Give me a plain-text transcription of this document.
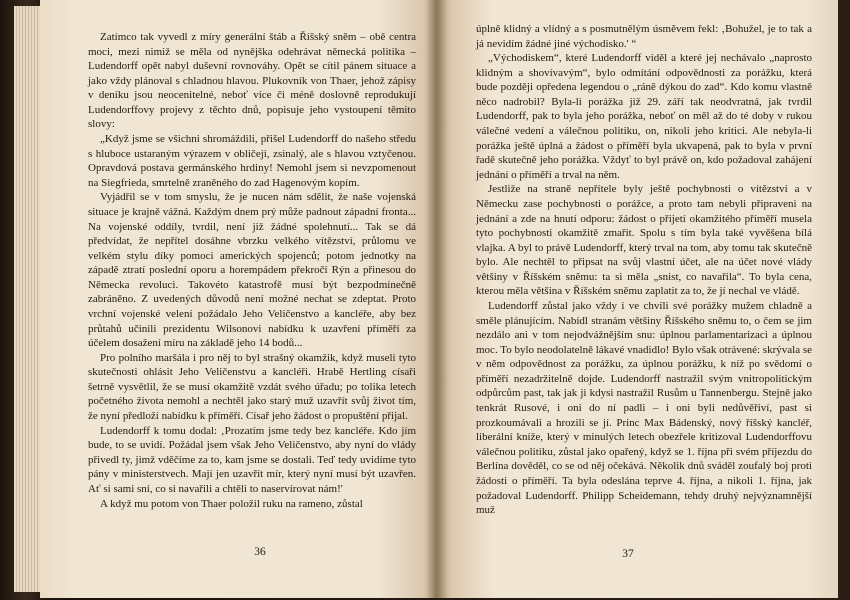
Zatímco tak vyvedl z míry generální štáb a Říšský sněm – obě centra moci, mezi nimiž se měla od nynějška odehrávat německá politika – Ludendorff opět nabyl duševní rovnováhy. Opět se cítil pánem situace a jako vždy plánoval s chladnou hlavou. Plukovník von Thaer, jehož zápisy v deníku jsou neocenitelné, neboť více či méně doslovně reprodukují Ludendorffovy projevy z těchto dnů, popisuje jeho vystoupení těmito slovy:

„Když jsme se všichni shromáždili, přišel Ludendorff do našeho středu s hluboce ustaraným výrazem v obličeji, zsinalý, ale s hlavou vztyčenou. Opravdová postava germánského hrdiny! Nemohl jsem si nevzpomenout na Siegfrieda, smrtelně zraněného do zad Hagenovým kopím.

Vyjádřil se v tom smyslu, že je nucen nám sdělit, že naše vojenská situace je krajně vážná. Každým dnem prý může padnout západní fronta... Na vojenské oddíly, tvrdil, není již žádné spolehnutí... Tak se dá předvídat, že nepřítel dosáhne vbrzku velkého vítězství, průlomu ve velkém stylu díky pomoci amerických spojenců; potom jednotky na západě ztratí poslední oporu a horempádem překročí Rýn a přinesou do Německa revoluci. Takovéto katastrofě musí být bezpodmínečně zabráněno. Z uvedených důvodů není možné nechat se zdeptat. Proto vrchní vojenské velení požádalo Jeho Veličenstvo a kancléře, aby bez průtahů učinili prezidentu Wilsonovi nabídku k uzavření příměří za účelem dosažení míru na základě jeho 14 bodů...

Pro polního maršála i pro něj to byl strašný okamžik, když museli tyto skutečnosti ohlásit Jeho Veličenstvu a kancléři. Hrabě Hertling císaři šetrně vysvětlil, že se musí okamžitě vzdát svého úřadu; po tolika letech početného života nemohl a nechtěl jako starý muž uzavřít svůj život tím, že nyní předloží nabídku k příměří. Císař jeho žádost o propuštění přijal.

Ludendorff k tomu dodal: ‚Prozatím jsme tedy bez kancléře. Kdo jím bude, to se uvidí. Požádal jsem však Jeho Veličenstvo, aby nyní do vlády přivedl ty, jimž vděčíme za to, kam jsme se dostali. Teď tedy uvidíme tyto pány v ministerstvech. Mají jen uzavřít mír, který nyní musí být uzavřen. Ať si sami sní, co si navařili a chtěli to naservírovat nám!'

A když mu potom von Thaer položil ruku na rameno, zůstal

36

úplně klidný a vlídný a s posmutnělým úsměvem řekl: ‚Bohužel, je to tak a já nevidím žádné jiné východisko.' “

„Východiskem“, které Ludendorff viděl a které jej nechávalo „naprosto klidným a shovívavým“, bylo odmítání odpovědnosti za porážku, která bude později opředena legendou o „ráně dýkou do zad“. Kdo komu vlastně něco nadrobil? Byla-li porážka již 29. září tak neodvratná, jak tvrdil Ludendorff, pak to byla jeho porážka, neboť on měl až do té doby v rukou válečné vedení a válečnou politiku, on, nikoli jeho kritici. Ale nebyla-li porážka ještě úplná a žádost o příměří byla ukvapená, pak to byla v první řadě skutečně jeho porážka. Vždyť to byl právě on, kdo požadoval zahájení jednání o příměří a trval na něm.

Jestliže na straně nepřítele byly ještě pochybnosti o vítězství a v Německu zase pochybnosti o porážce, a proto tam nebyli připraveni na jednání a zde na hnutí odporu: žádost o přijetí okamžitého příměří musela tyto pochybnosti okamžitě zmařit. Spolu s tím byla také vyvěšena bílá vlajka. A byl to právě Ludendorff, který trval na tom, aby tomu tak skutečně bylo. Ale nechtěl to připsat na svůj vlastní účet, ale na účet nové vlády většiny v Říšském sněmu: ta si měla „snist, co navařila“. To byla cena, kterou měla většina v Říšském sněmu zaplatit za to, že jí nechal ve vládě.

Ludendorff zůstal jako vždy i ve chvíli své porážky mužem chladně a směle plánujícím. Nabídl stranám většiny Říšského sněmu to, o čem se jim nezdálo ani v tom nejodvážnějším snu: úplnou parlamentarizaci a úplnou moc. To bylo neodolatelně lákavé vnadidlo! Bylo však otrávené: skrývala se v něm odpovědnost za porážku, za úplnou porážku, k níž po svědomí o příměří nezadržitelně dojde. Ludendorff nastražil svým vnitropolitickým odpůrcům past, tak jak ji kdysi nastražil Rusům u Tannenbergu. Stejně jako tenkrát Rusové, i oni do ní padli – i oni byli nedůvěřiví, past si prozkoumávali a hrozili se jí. Princ Max Bádenský, nový říšský kancléř, liberální kníže, který v minulých letech obezřele kritizoval Ludendorffovu válečnou politiku, zůstal jako opařený, když se 1. října při svém příjezdu do Berlína dověděl, co se od něj očekává. Několik dnů sváděl zoufalý boj proti žádosti o příměří. Ta byla odeslána teprve 4. října, a nikoli 1. října, jak požadoval Ludendorff. Philipp Scheidemann, tehdy druhý nejvýznamnější muž

37
